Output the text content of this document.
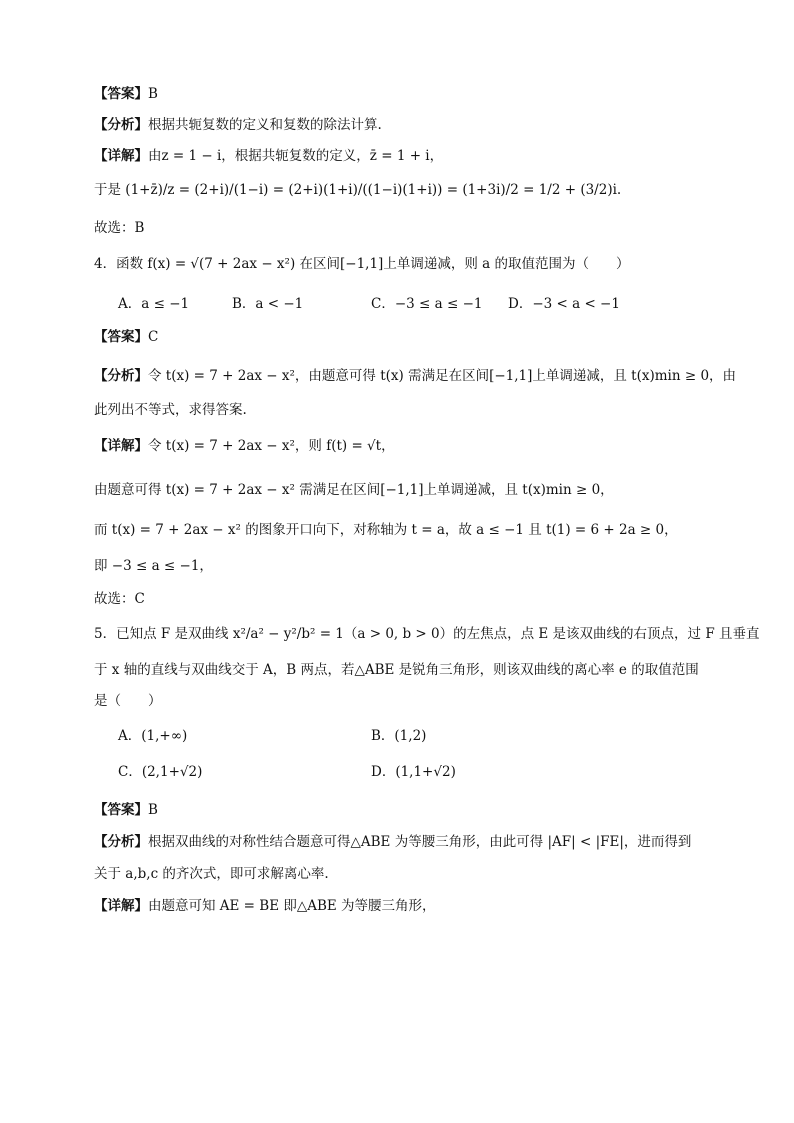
【答案】B
【分析】根据共轭复数的定义和复数的除法计算.
【详解】由z = 1 − i，根据共轭复数的定义，z̄ = 1 + i，
于是 (1+z̄)/z = (2+i)/(1−i) = (2+i)(1+i)/((1−i)(1+i)) = (1+3i)/2 = 1/2 + (3/2)i.
故选：B
4．函数 f(x) = √(7 + 2ax − x²) 在区间[−1,1]上单调递减，则 a 的取值范围为（　　）
A．a ≤ −1	B．a < −1	C．−3 ≤ a ≤ −1 D．−3 < a < −1
【答案】C
【分析】令 t(x) = 7 + 2ax − x²，由题意可得 t(x) 需满足在区间[−1,1]上单调递减，且 t(x)min ≥ 0，由
此列出不等式，求得答案.
【详解】令 t(x) = 7 + 2ax − x²，则 f(t) = √t，
由题意可得 t(x) = 7 + 2ax − x² 需满足在区间[−1,1]上单调递减，且 t(x)min ≥ 0，
而 t(x) = 7 + 2ax − x² 的图象开口向下，对称轴为 t = a，故 a ≤ −1 且 t(1) = 6 + 2a ≥ 0，
即 −3 ≤ a ≤ −1，
故选：C
5．已知点 F 是双曲线 x²/a² − y²/b² = 1（a > 0, b > 0）的左焦点，点 E 是该双曲线的右顶点，过 F 且垂直
于 x 轴的直线与双曲线交于 A，B 两点，若△ABE 是锐角三角形，则该双曲线的离心率 e 的取值范围
是（　　）
A．(1,+∞)	B．(1,2)
C．(2,1+√2)	D．(1,1+√2)
【答案】B
【分析】根据双曲线的对称性结合题意可得△ABE 为等腰三角形，由此可得 |AF| < |FE|，进而得到
关于 a,b,c 的齐次式，即可求解离心率.
【详解】由题意可知 AE = BE 即△ABE 为等腰三角形，
